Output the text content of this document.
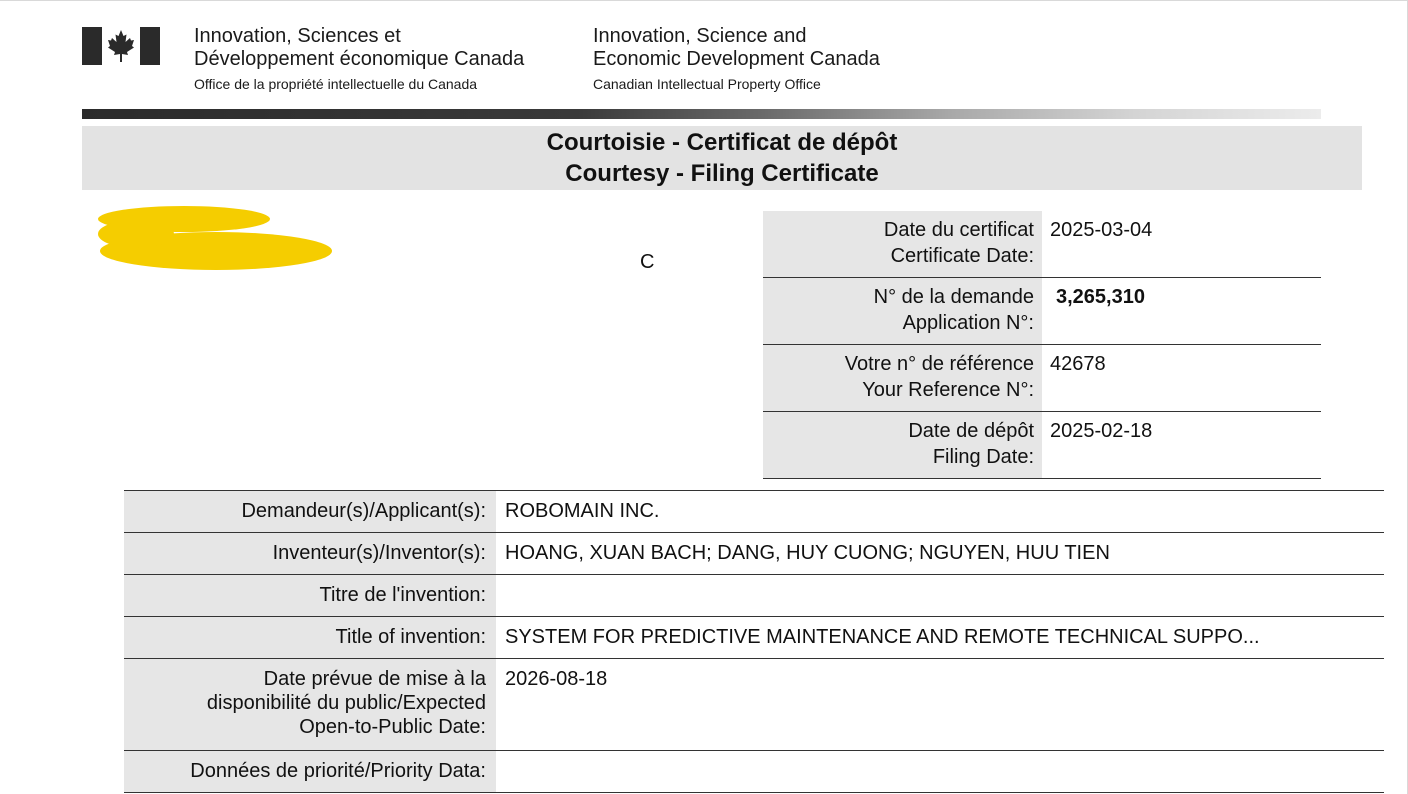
Innovation, Sciences et
Développement économique Canada
Office de la propriété intellectuelle du Canada
Innovation, Science and
Economic Development Canada
Canadian Intellectual Property Office
Courtoisie - Certificat de dépôt
Courtesy - Filing Certificate
C
Date du certificat
Certificate Date:
2025-03-04
N° de la demande
Application N°:
3,265,310
Votre n° de référence
Your Reference N°:
42678
Date de dépôt
Filing Date:
2025-02-18
Demandeur(s)/Applicant(s): ROBOMAIN INC.
Inventeur(s)/Inventor(s): HOANG, XUAN BACH; DANG, HUY CUONG; NGUYEN, HUU TIEN
Titre de l'invention:
Title of invention: SYSTEM FOR PREDICTIVE MAINTENANCE AND REMOTE TECHNICAL SUPPO...
Date prévue de mise à la
disponibilité du public/Expected
Open-to-Public Date:
2026-08-18
Données de priorité/Priority Data:
